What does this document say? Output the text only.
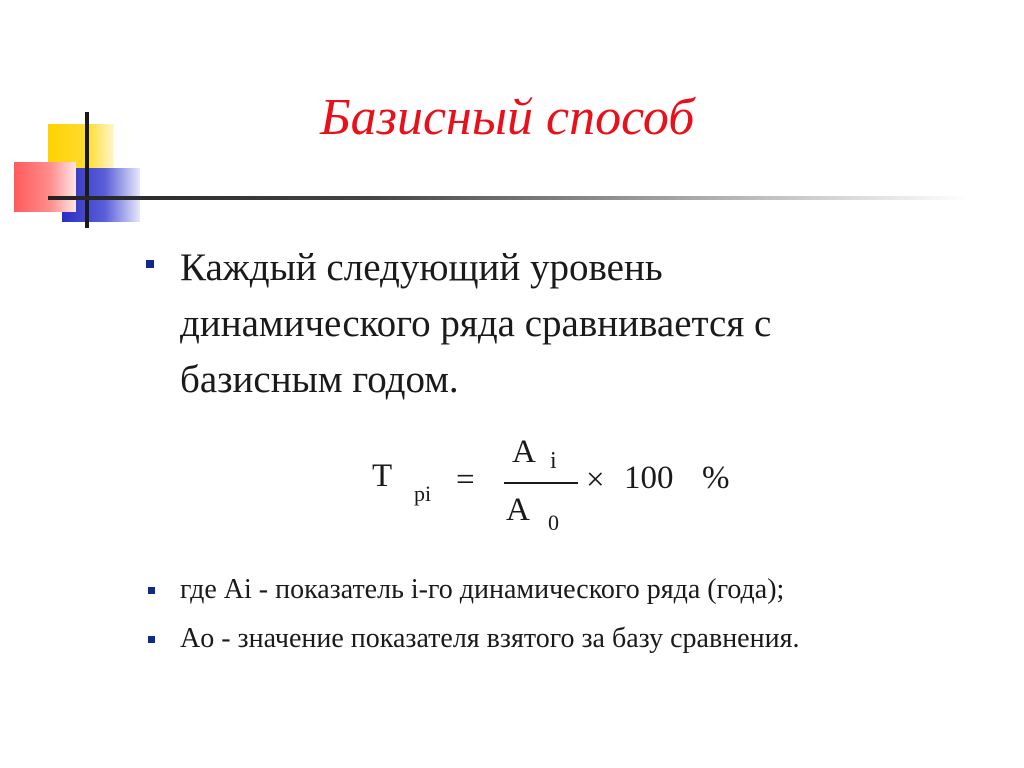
Базисный способ
Каждый следующий уровень динамического ряда сравнивается с базисным годом.
T pi =
A i
A 0
× 100 %
где Ai - показатель i-го динамического ряда (года);
Ao - значение показателя взятого за базу сравнения.
